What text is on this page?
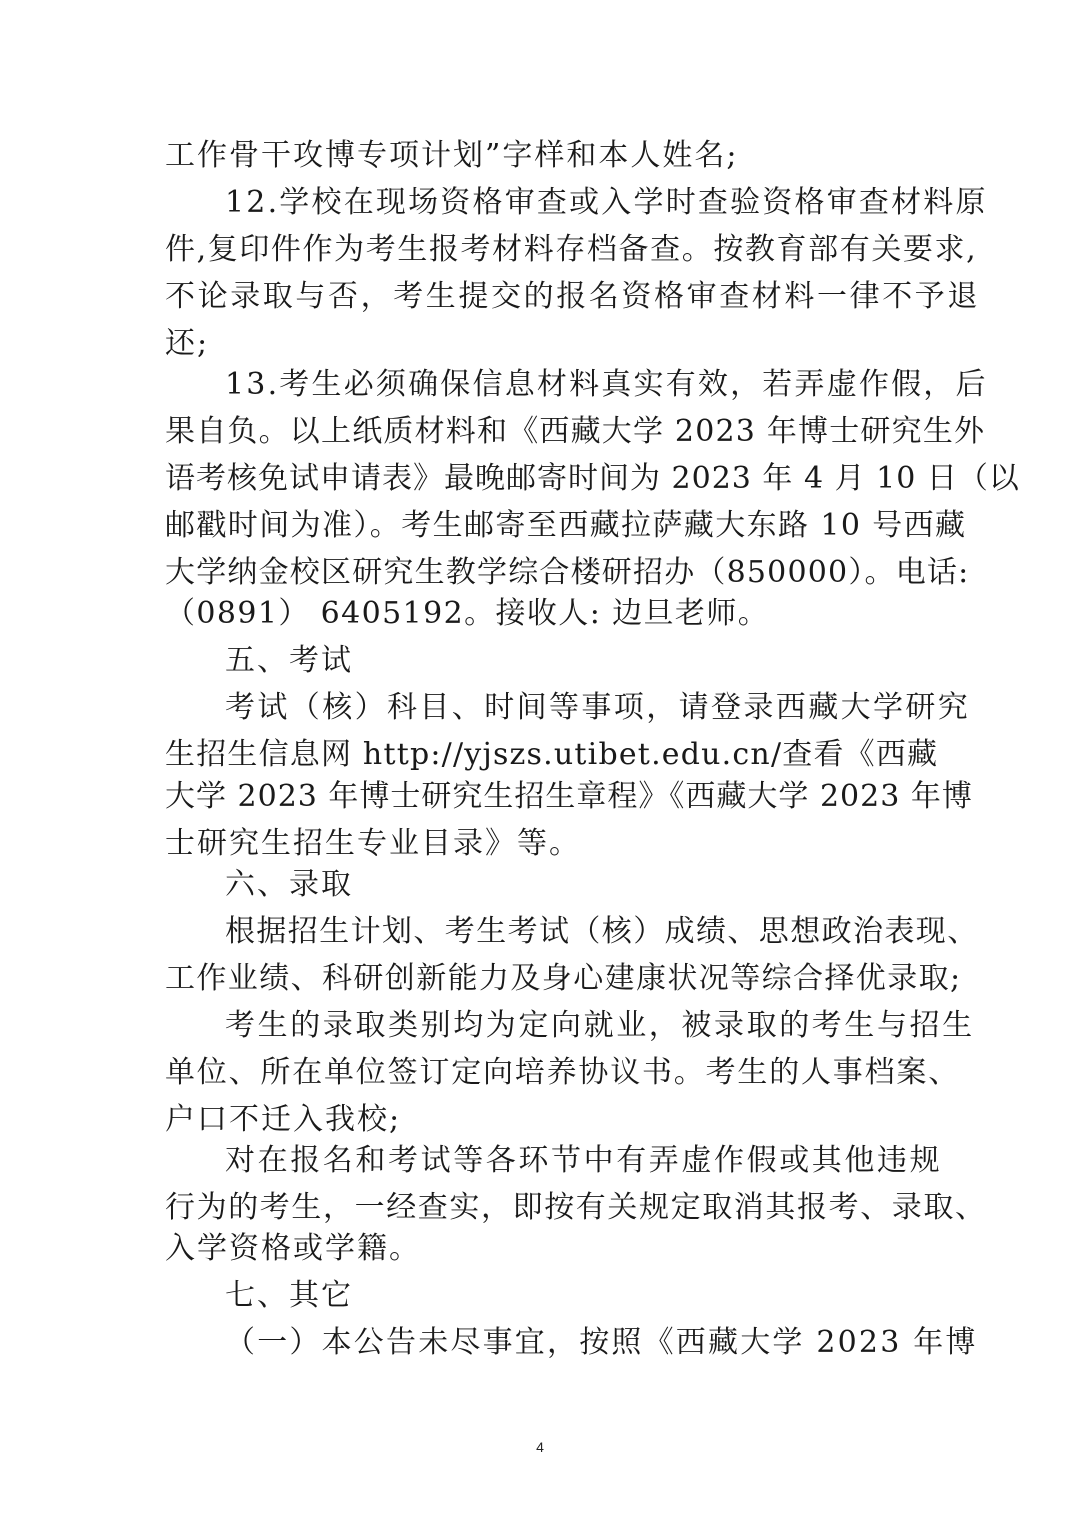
工作骨干攻博专项计划”字样和本人姓名;
12.学校在现场资格审查或入学时查验资格审查材料原
件,复印件作为考生报考材料存档备查。按教育部有关要求,
不论录取与否，考生提交的报名资格审查材料一律不予退
还;
13.考生必须确保信息材料真实有效，若弄虚作假，后
果自负。以上纸质材料和《西藏大学 2023 年博士研究生外
语考核免试申请表》最晚邮寄时间为 2023 年 4 月 10 日（以
邮戳时间为准）。考生邮寄至西藏拉萨藏大东路 10 号西藏
大学纳金校区研究生教学综合楼研招办（850000）。电话:
（0891） 6405192。接收人: 边旦老师。
五、考试
考试（核）科目、时间等事项，请登录西藏大学研究
生招生信息网 http://yjszs.utibet.edu.cn/查看《西藏
大学 2023 年博士研究生招生章程》《西藏大学 2023 年博
士研究生招生专业目录》等。
六、录取
根据招生计划、考生考试（核）成绩、思想政治表现、
工作业绩、科研创新能力及身心建康状况等综合择优录取;
考生的录取类别均为定向就业，被录取的考生与招生
单位、所在单位签订定向培养协议书。考生的人事档案、
户口不迁入我校;
对在报名和考试等各环节中有弄虚作假或其他违规
行为的考生，一经查实，即按有关规定取消其报考、录取、
入学资格或学籍。
七、其它
（一）本公告未尽事宜，按照《西藏大学 2023 年博
4
